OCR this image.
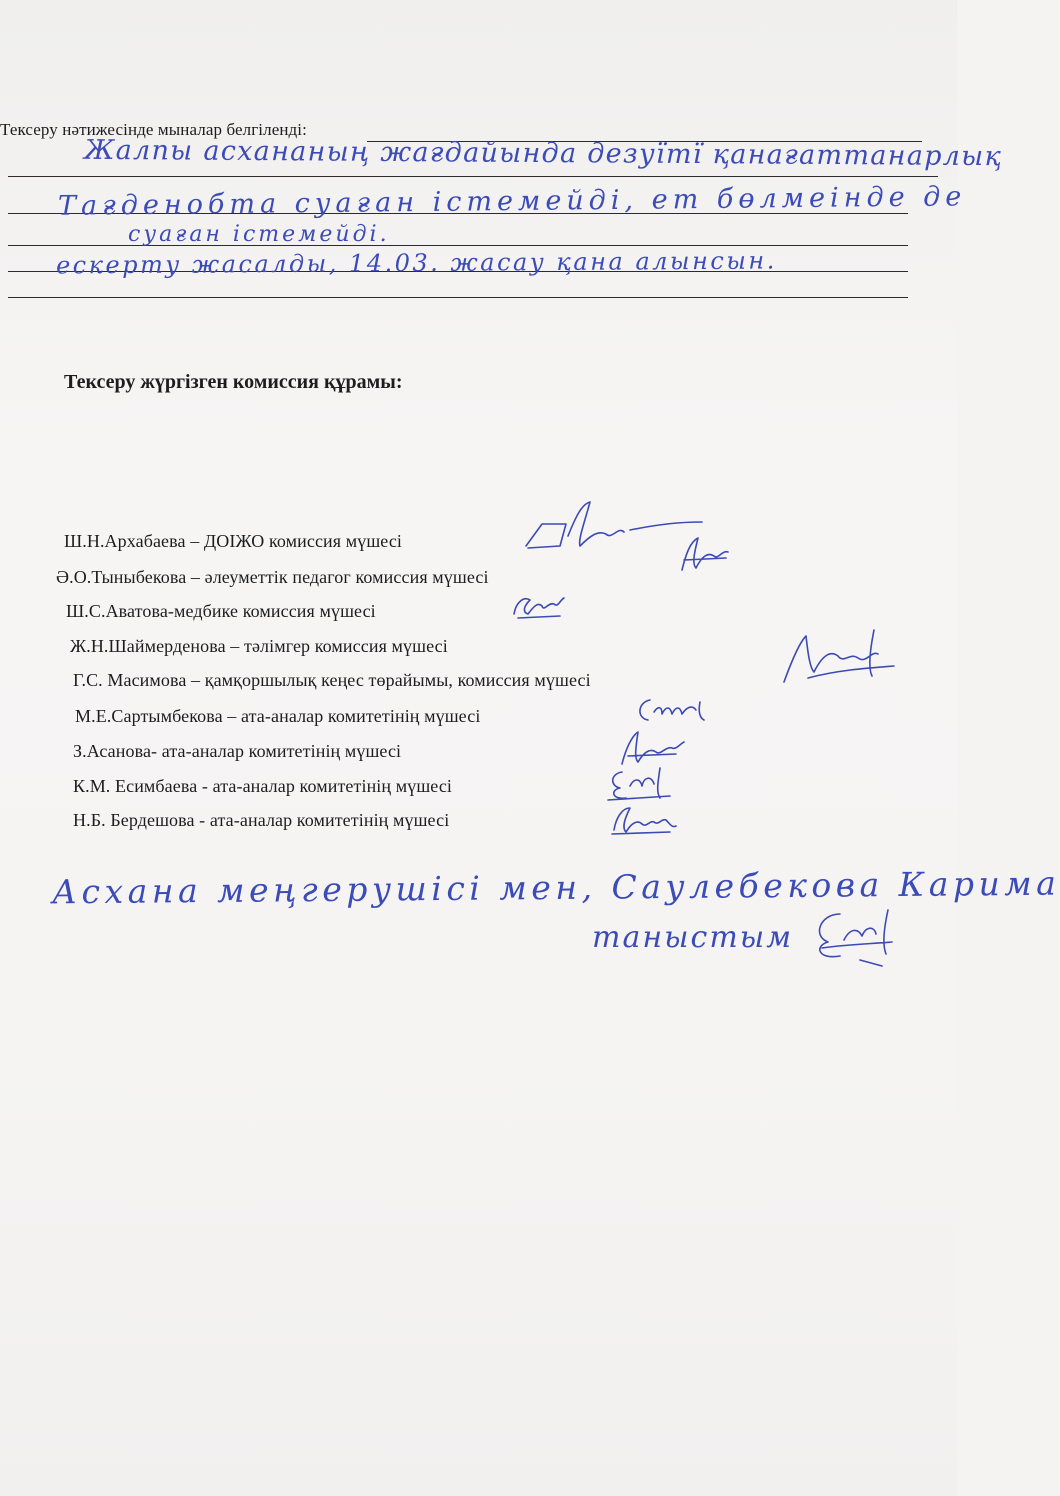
Тексеру нәтижесінде мыналар белгіленді:
Жалпы асхананың жағдайында дезуїтї қанағаттанарлық
Тағденобта суаған істемейді, ет бөлмеінде де
суаған істемейді.
ескерту жасалды, 14.03. жасау қана алынсын.
Тексеру жүргізген комиссия құрамы:
Ш.Н.Архабаева – ДОІЖО комиссия мүшесі
Ә.О.Тыныбекова – әлеуметтік педагог комиссия мүшесі
Ш.С.Аватова-медбике комиссия мүшесі
Ж.Н.Шаймерденова – тәлімгер комиссия мүшесі
Г.С. Масимова – қамқоршылық кеңес төрайымы, комиссия мүшесі
М.Е.Сартымбекова – ата-аналар комитетінің мүшесі
З.Асанова- ата-аналар комитетінің мүшесі
К.М. Есимбаева - ата-аналар комитетінің мүшесі
Н.Б. Бердешова - ата-аналар комитетінің мүшесі
Асхана меңгерушісі мен, Саулебекова Карима
таныстым
